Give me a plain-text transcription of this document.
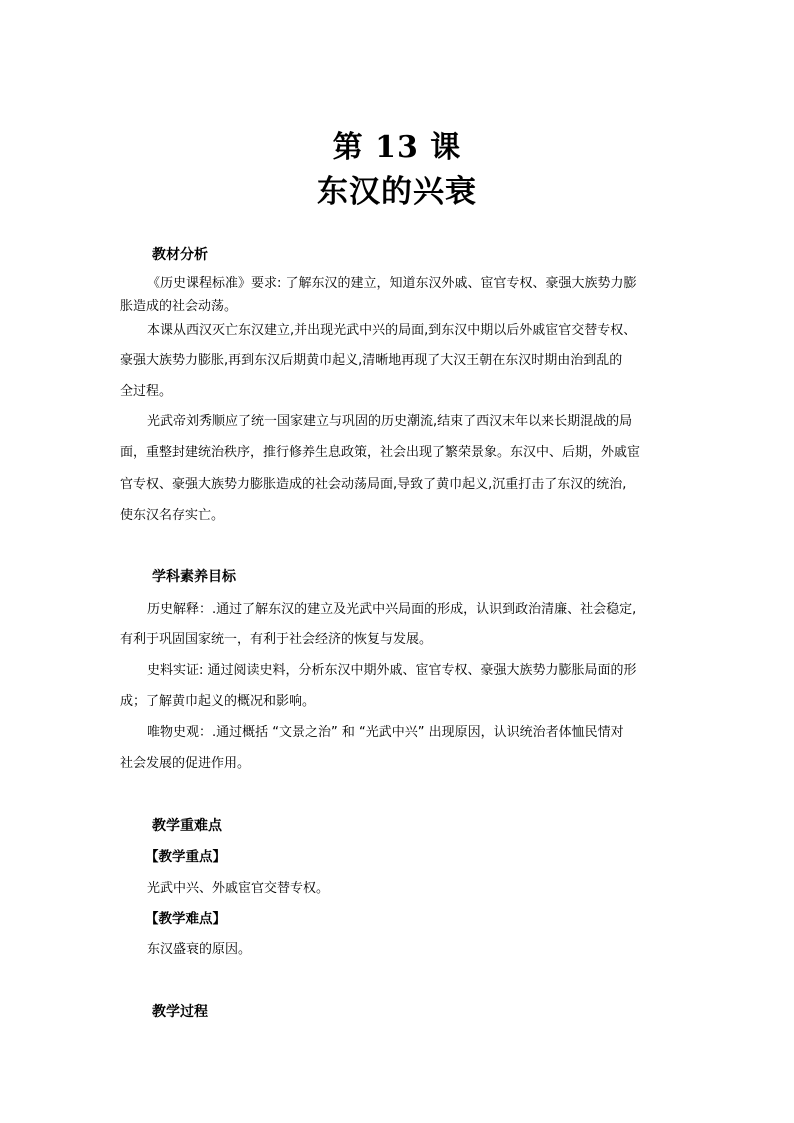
第 13 课
东汉的兴衰
教材分析
《历史课程标准》要求: 了解东汉的建立，知道东汉外戚、宦官专权、豪强大族势力膨
胀造成的社会动荡。
本课从西汉灭亡东汉建立,并出现光武中兴的局面,到东汉中期以后外戚宦官交替专权、
豪强大族势力膨胀,再到东汉后期黄巾起义,清晰地再现了大汉王朝在东汉时期由治到乱的
全过程。
光武帝刘秀顺应了统一国家建立与巩固的历史潮流,结束了西汉末年以来长期混战的局
面，重整封建统治秩序，推行修养生息政策，社会出现了繁荣景象。东汉中、后期，外戚宦
官专权、豪强大族势力膨胀造成的社会动荡局面,导致了黄巾起义,沉重打击了东汉的统治,
使东汉名存实亡。
学科素养目标
历史解释：.通过了解东汉的建立及光武中兴局面的形成，认识到政治清廉、社会稳定,
有利于巩固国家统一，有利于社会经济的恢复与发展。
史料实证: 通过阅读史料，分析东汉中期外戚、宦官专权、豪强大族势力膨胀局面的形
成；了解黄巾起义的概况和影响。
唯物史观：.通过概括 “文景之治” 和 “光武中兴” 出现原因，认识统治者体恤民情对
社会发展的促进作用。
教学重难点
【教学重点】
光武中兴、外戚宦官交替专权。
【教学难点】
东汉盛衰的原因。
教学过程
